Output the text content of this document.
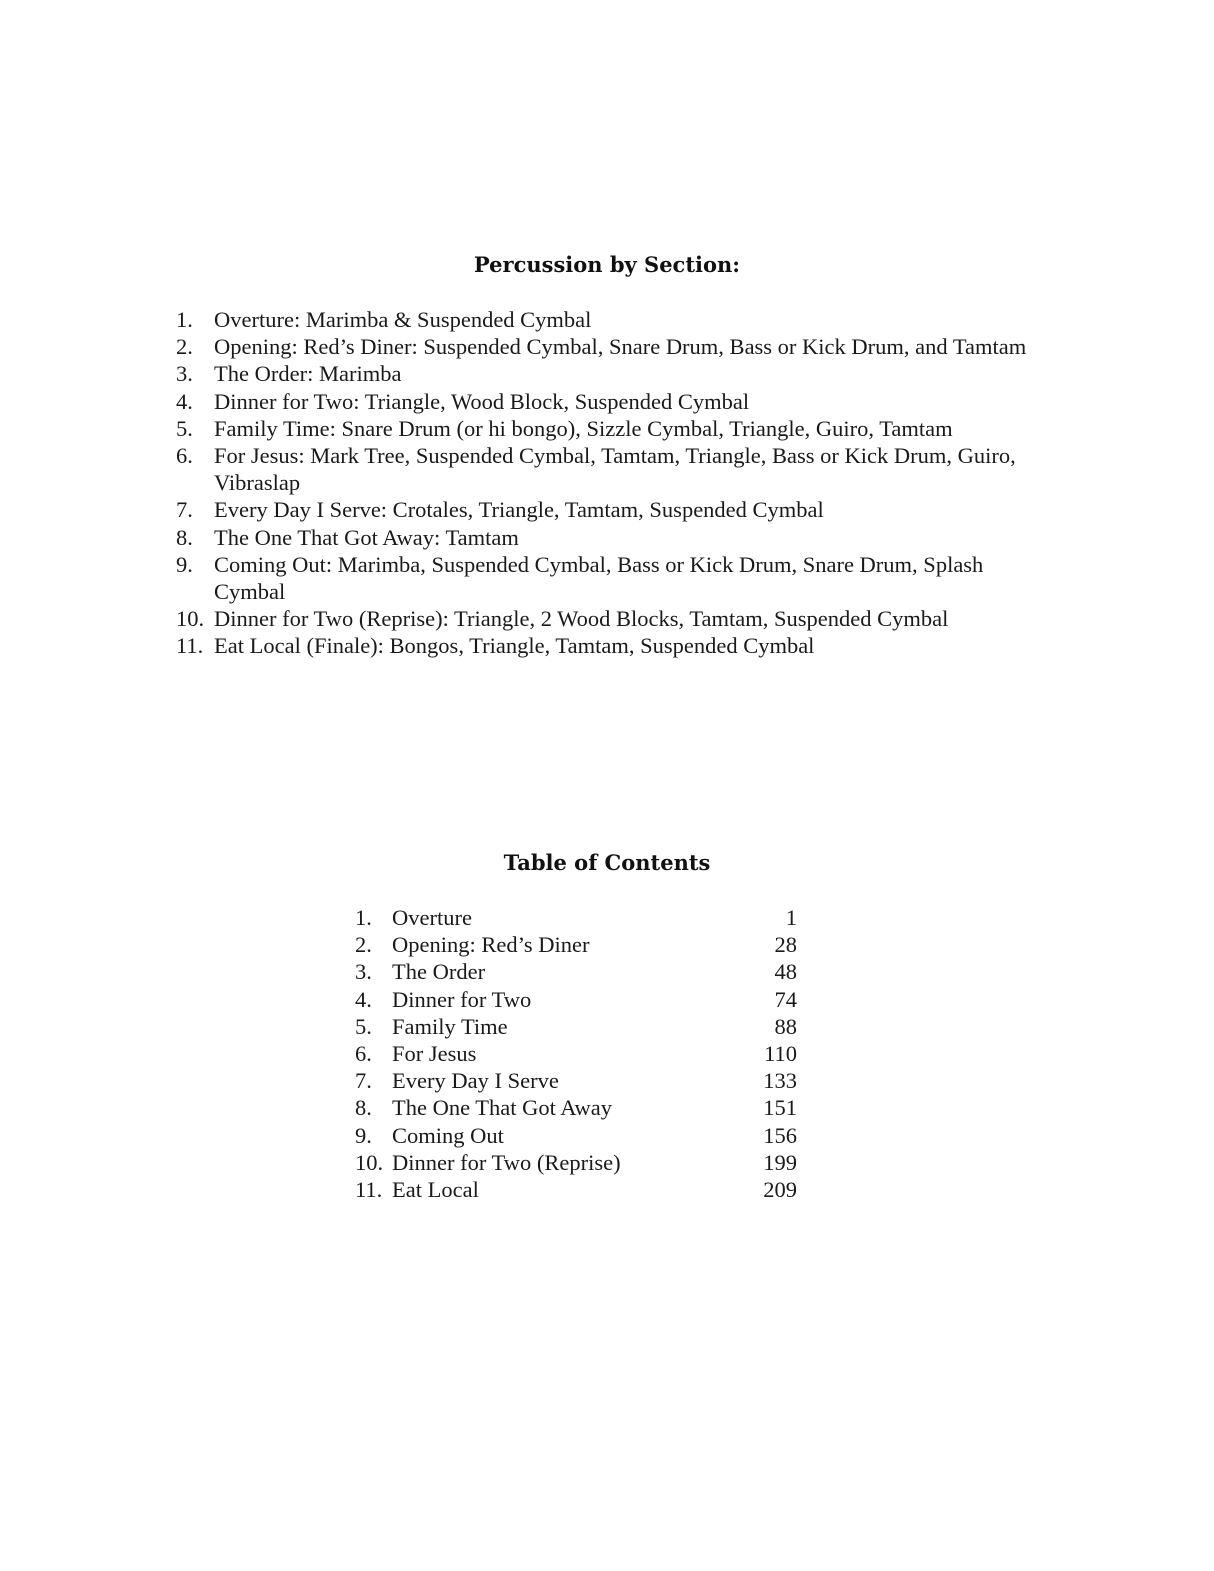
Percussion by Section:
1. Overture: Marimba & Suspended Cymbal
2. Opening: Red’s Diner: Suspended Cymbal, Snare Drum, Bass or Kick Drum, and Tamtam
3. The Order: Marimba
4. Dinner for Two: Triangle, Wood Block, Suspended Cymbal
5. Family Time: Snare Drum (or hi bongo), Sizzle Cymbal, Triangle, Guiro, Tamtam
6. For Jesus: Mark Tree, Suspended Cymbal, Tamtam, Triangle, Bass or Kick Drum, Guiro, Vibraslap
7. Every Day I Serve: Crotales, Triangle, Tamtam, Suspended Cymbal
8. The One That Got Away: Tamtam
9. Coming Out: Marimba, Suspended Cymbal, Bass or Kick Drum, Snare Drum, Splash Cymbal
10. Dinner for Two (Reprise): Triangle, 2 Wood Blocks, Tamtam, Suspended Cymbal
11. Eat Local (Finale): Bongos, Triangle, Tamtam, Suspended Cymbal
Table of Contents
1. Overture	1
2. Opening: Red’s Diner	28
3. The Order	48
4. Dinner for Two	74
5. Family Time	88
6. For Jesus	110
7. Every Day I Serve	133
8. The One That Got Away	151
9. Coming Out	156
10. Dinner for Two (Reprise)	199
11. Eat Local	209
